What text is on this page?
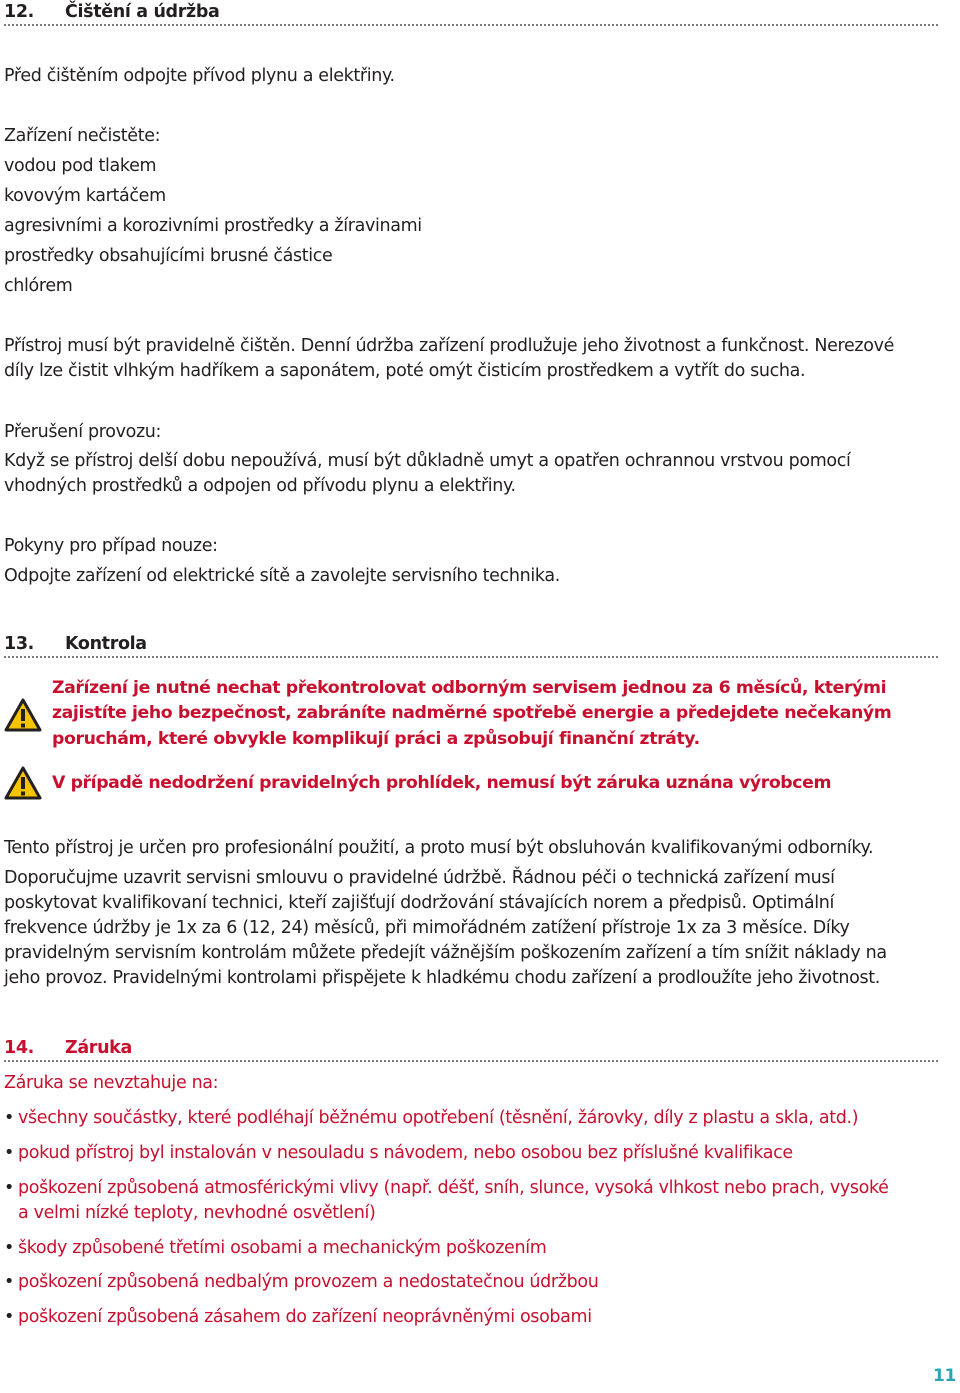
12. Čištění a údržba
Před čištěním odpojte přívod plynu a elektřiny.
Zařízení nečistěte:
vodou pod tlakem
kovovým kartáčem
agresivními a korozivními prostředky a žíravinami
prostředky obsahujícími brusné částice
chlórem
Přístroj musí být pravidelně čištěn. Denní údržba zařízení prodlužuje jeho životnost a funkčnost. Nerezové
díly lze čistit vlhkým hadříkem a saponátem, poté omýt čisticím prostředkem a vytřít do sucha.
Přerušení provozu:
Když se přístroj delší dobu nepoužívá, musí být důkladně umyt a opatřen ochrannou vrstvou pomocí
vhodných prostředků a odpojen od přívodu plynu a elektřiny.
Pokyny pro případ nouze:
Odpojte zařízení od elektrické sítě a zavolejte servisního technika.
13. Kontrola
Zařízení je nutné nechat překontrolovat odborným servisem jednou za 6 měsíců, kterými
zajistíte jeho bezpečnost, zabráníte nadměrné spotřebě energie a předejdete nečekaným
poruchám, které obvykle komplikují práci a způsobují finanční ztráty.
V případě nedodržení pravidelných prohlídek, nemusí být záruka uznána výrobcem
Tento přístroj je určen pro profesionální použití, a proto musí být obsluhován kvalifikovanými odborníky.
Doporučujme uzavrit servisni smlouvu o pravidelné údržbě. Řádnou péči o technická zařízení musí
poskytovat kvalifikovaní technici, kteří zajišťují dodržování stávajících norem a předpisů. Optimální
frekvence údržby je 1x za 6 (12, 24) měsíců, při mimořádném zatížení přístroje 1x za 3 měsíce. Díky
pravidelným servisním kontrolám můžete předejít vážnějším poškozením zařízení a tím snížit náklady na
jeho provoz. Pravidelnými kontrolami přispějete k hladkému chodu zařízení a prodloužíte jeho životnost.
14. Záruka
Záruka se nevztahuje na:
• všechny součástky, které podléhají běžnému opotřebení (těsnění, žárovky, díly z plastu a skla, atd.)
• pokud přístroj byl instalován v nesouladu s návodem, nebo osobou bez příslušné kvalifikace
• poškození způsobená atmosférickými vlivy (např. déšť, sníh, slunce, vysoká vlhkost nebo prach, vysoké
a velmi nízké teploty, nevhodné osvětlení)
• škody způsobené třetími osobami a mechanickým poškozením
• poškození způsobená nedbalým provozem a nedostatečnou údržbou
• poškození způsobená zásahem do zařízení neoprávněnými osobami
11
